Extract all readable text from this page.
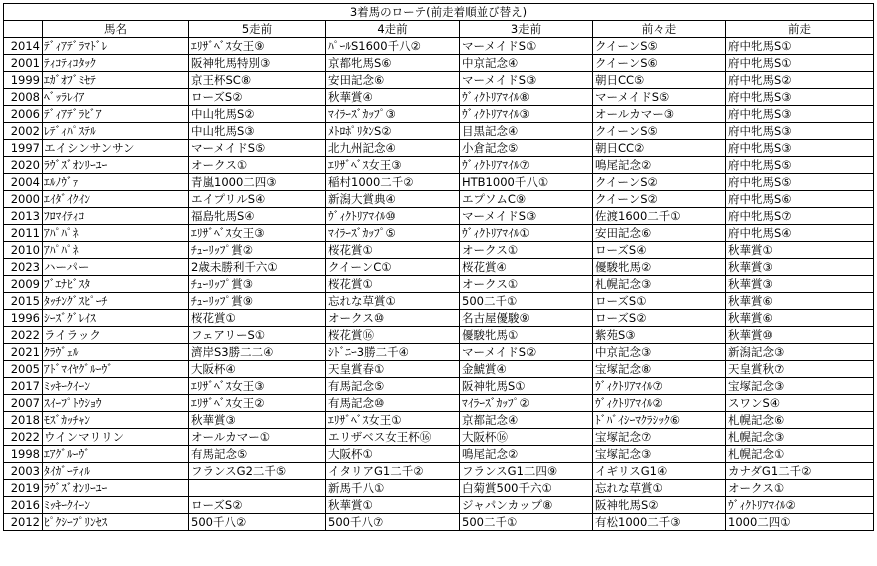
3着馬のローテ(前走着順並び替え)						
	馬名	5走前	4走前	3走前	前々走	前走
2014	ﾃﾞｨｱﾃﾞﾗﾏﾄﾞﾚ	ｴﾘｻﾞﾍﾞｽ女王⑨	ﾊﾟｰﾙS1600千八②	マーメイドS①	クイーンS⑤	府中牝馬S①
2001	ﾃｨｺﾃｨｺﾀｯｸ	阪神牝馬特別③	京都牝馬S⑥	中京記念④	クイーンS⑥	府中牝馬S①
1999	ｴｶﾞｵﾌﾞﾐｾﾃ	京王杯SC⑧	安田記念⑥	マーメイドS③	朝日CC⑤	府中牝馬S②
2008	ﾍﾞｯﾗﾚｲｱ	ローズS②	秋華賞④	ｳﾞｨｸﾄﾘｱﾏｲﾙ⑧	マーメイドS⑤	府中牝馬S③
2006	ﾃﾞｨｱﾃﾞﾗﾋﾞｱ	中山牝馬S②	ﾏｲﾗｰｽﾞｶｯﾌﾟ③	ｳﾞｨｸﾄﾘｱﾏｲﾙ③	オールカマー③	府中牝馬S③
2002	ﾚﾃﾞｨﾊﾟｽﾃﾙ	中山牝馬S③	ﾒﾄﾛﾎﾟﾘﾀﾝS②	目黒記念④	クイーンS⑤	府中牝馬S③
1997	エイシンサンサン	マーメイドS⑤	北九州記念④	小倉記念⑤	朝日CC②	府中牝馬S③
2020	ﾗｳﾞｽﾞｵﾝﾘｰﾕｰ	オークス①	ｴﾘｻﾞﾍﾞｽ女王③	ｳﾞｨｸﾄﾘｱﾏｲﾙ⑦	鳴尾記念②	府中牝馬S⑤
2004	ｴﾙﾉｳﾞｧ	青嵐1000二四③	稲村1000二千②	HTB1000千八①	クイーンS②	府中牝馬S⑤
2000	ｴｲﾀﾞｲｸｲﾝ	エイプリルS④	新潟大賞典④	エプソムC⑨	クイーンS②	府中牝馬S⑥
2013	ﾌﾛﾏｲﾃｨｺ	福島牝馬S④	ｳﾞｨｸﾄﾘｱﾏｲﾙ⑩	マーメイドS③	佐渡1600二千①	府中牝馬S⑦
2011	ｱﾊﾟﾊﾟﾈ	ｴﾘｻﾞﾍﾞｽ女王③	ﾏｲﾗｰｽﾞｶｯﾌﾟ⑤	ｳﾞｨｸﾄﾘｱﾏｲﾙ①	安田記念⑥	府中牝馬S④
2010	ｱﾊﾟﾊﾟﾈ	ﾁｭｰﾘｯﾌﾟ賞②	桜花賞①	オークス①	ローズS④	秋華賞①
2023	ハーパー	2歳未勝利千六①	クイーンC①	桜花賞④	優駿牝馬②	秋華賞③
2009	ﾌﾞｴﾅﾋﾞｽﾀ	ﾁｭｰﾘｯﾌﾟ賞③	桜花賞①	オークス①	札幌記念③	秋華賞③
2015	ﾀｯﾁﾝｸﾞｽﾋﾟｰﾁ	ﾁｭｰﾘｯﾌﾟ賞⑨	忘れな草賞①	500二千①	ローズS①	秋華賞⑥
1996	ｼｰｽﾞｸﾞﾚｲｽ	桜花賞①	オークス⑩	名古屋優駿⑨	ローズS②	秋華賞⑥
2022	ライラック	フェアリーS①	桜花賞⑯	優駿牝馬①	紫苑S③	秋華賞⑩
2021	ｸﾗｳﾞｪﾙ	濟岸S3勝二二④	ｼﾄﾞﾆｰ3勝二千④	マーメイドS②	中京記念③	新潟記念③
2005	ｱﾄﾞﾏｲﾔｸﾞﾙｰｳﾞ	大阪杯④	天皇賞春①	金鯱賞④	宝塚記念⑧	天皇賞秋⑦
2017	ﾐｯｷｰｸｲｰﾝ	ｴﾘｻﾞﾍﾞｽ女王③	有馬記念⑤	阪神牝馬S①	ｳﾞｨｸﾄﾘｱﾏｲﾙ⑦	宝塚記念③
2007	ｽｲｰﾌﾟﾄｳｼｮｳ	ｴﾘｻﾞﾍﾞｽ女王②	有馬記念⑩	ﾏｲﾗｰｽﾞｶｯﾌﾟ②	ｳﾞｨｸﾄﾘｱﾏｲﾙ②	スワンS④
2018	ﾓｽﾞｶｯﾁｬﾝ	秋華賞③	ｴﾘｻﾞﾍﾞｽ女王①	京都記念④	ﾄﾞﾊﾞｲｼｰﾏｸﾗｼｯｸ⑥	札幌記念⑥
2022	ウインマリリン	オールカマー①	エリザベス女王杯⑯	大阪杯⑯	宝塚記念⑦	札幌記念③
1998	ｴｱｸﾞﾙｰｳﾞ	有馬記念⑤	大阪杯①	鳴尾記念②	宝塚記念③	札幌記念①
2003	ﾀｲｶﾞｰﾃｨﾙ	フランスG2二千⑤	イタリアG1二千②	フランスG1二四⑨	イギリスG1④	カナダG1二千②
2019	ﾗｳﾞｽﾞｵﾝﾘｰﾕｰ		新馬千八①	白菊賞500千六①	忘れな草賞①	オークス①
2016	ﾐｯｷｰｸｲｰﾝ	ローズS②	秋華賞①	ジャパンカップ⑧	阪神牝馬S②	ｳﾞｨｸﾄﾘｱﾏｲﾙ②
2012	ﾋﾟｸｼｰﾌﾟﾘﾝｾｽ	500千八②	500千八⑦	500二千①	有松1000二千③	1000二四①
